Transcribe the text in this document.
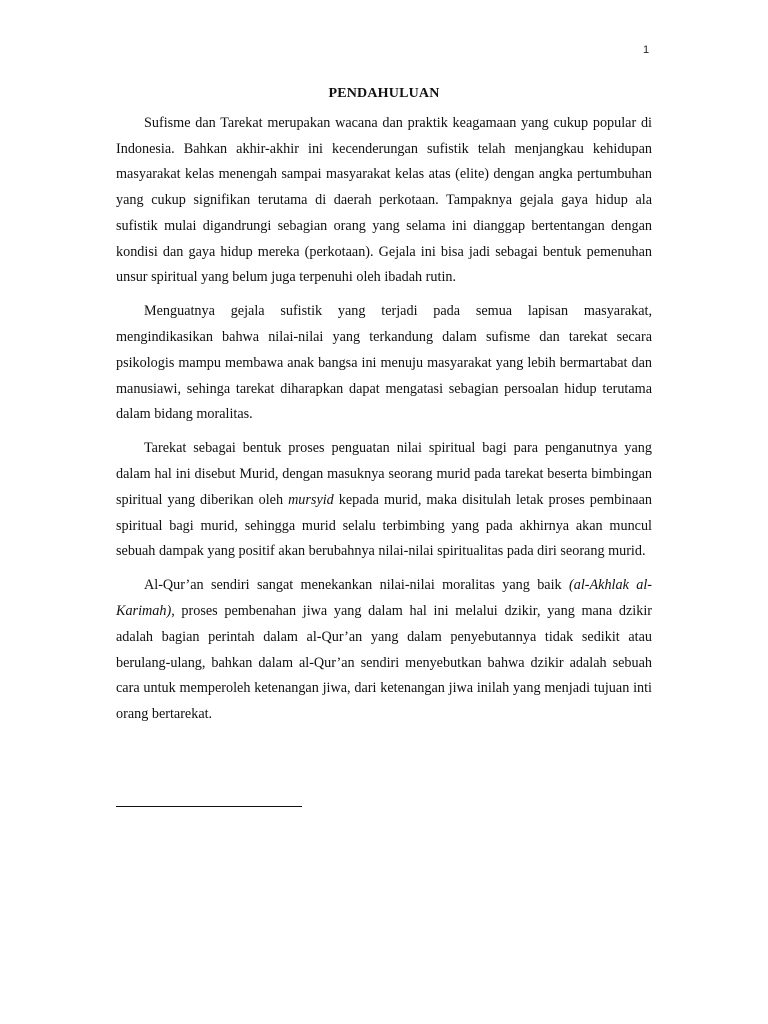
1
PENDAHULUAN

Sufisme dan Tarekat merupakan wacana dan praktik keagamaan yang cukup popular di Indonesia. Bahkan akhir-akhir ini kecenderungan sufistik telah menjangkau kehidupan masyarakat kelas menengah sampai masyarakat kelas atas (elite) dengan angka pertumbuhan yang cukup signifikan terutama di daerah perkotaan. Tampaknya gejala gaya hidup ala sufistik mulai digandrungi sebagian orang yang selama ini dianggap bertentangan dengan kondisi dan gaya hidup mereka (perkotaan). Gejala ini bisa jadi sebagai bentuk pemenuhan unsur spiritual yang belum juga terpenuhi oleh ibadah rutin.

Menguatnya gejala sufistik yang terjadi pada semua lapisan masyarakat, mengindikasikan bahwa nilai-nilai yang terkandung dalam sufisme dan tarekat secara psikologis mampu membawa anak bangsa ini menuju masyarakat yang lebih bermartabat dan manusiawi, sehinga tarekat diharapkan dapat mengatasi sebagian persoalan hidup terutama dalam bidang moralitas.

Tarekat sebagai bentuk proses penguatan nilai spiritual bagi para penganutnya yang dalam hal ini disebut Murid, dengan masuknya seorang murid pada tarekat beserta bimbingan spiritual yang diberikan oleh mursyid kepada murid, maka disitulah letak proses pembinaan spiritual bagi murid, sehingga murid selalu terbimbing yang pada akhirnya akan muncul sebuah dampak yang positif akan berubahnya nilai-nilai spiritualitas pada diri seorang murid.

Al-Qur’an sendiri sangat menekankan nilai-nilai moralitas yang baik (al-Akhlak al-Karimah), proses pembenahan jiwa yang dalam hal ini melalui dzikir, yang mana dzikir adalah bagian perintah dalam al-Qur’an yang dalam penyebutannya tidak sedikit atau berulang-ulang, bahkan dalam al-Qur’an sendiri menyebutkan bahwa dzikir adalah sebuah cara untuk memperoleh ketenangan jiwa, dari ketenangan jiwa inilah yang menjadi tujuan inti orang bertarekat.
